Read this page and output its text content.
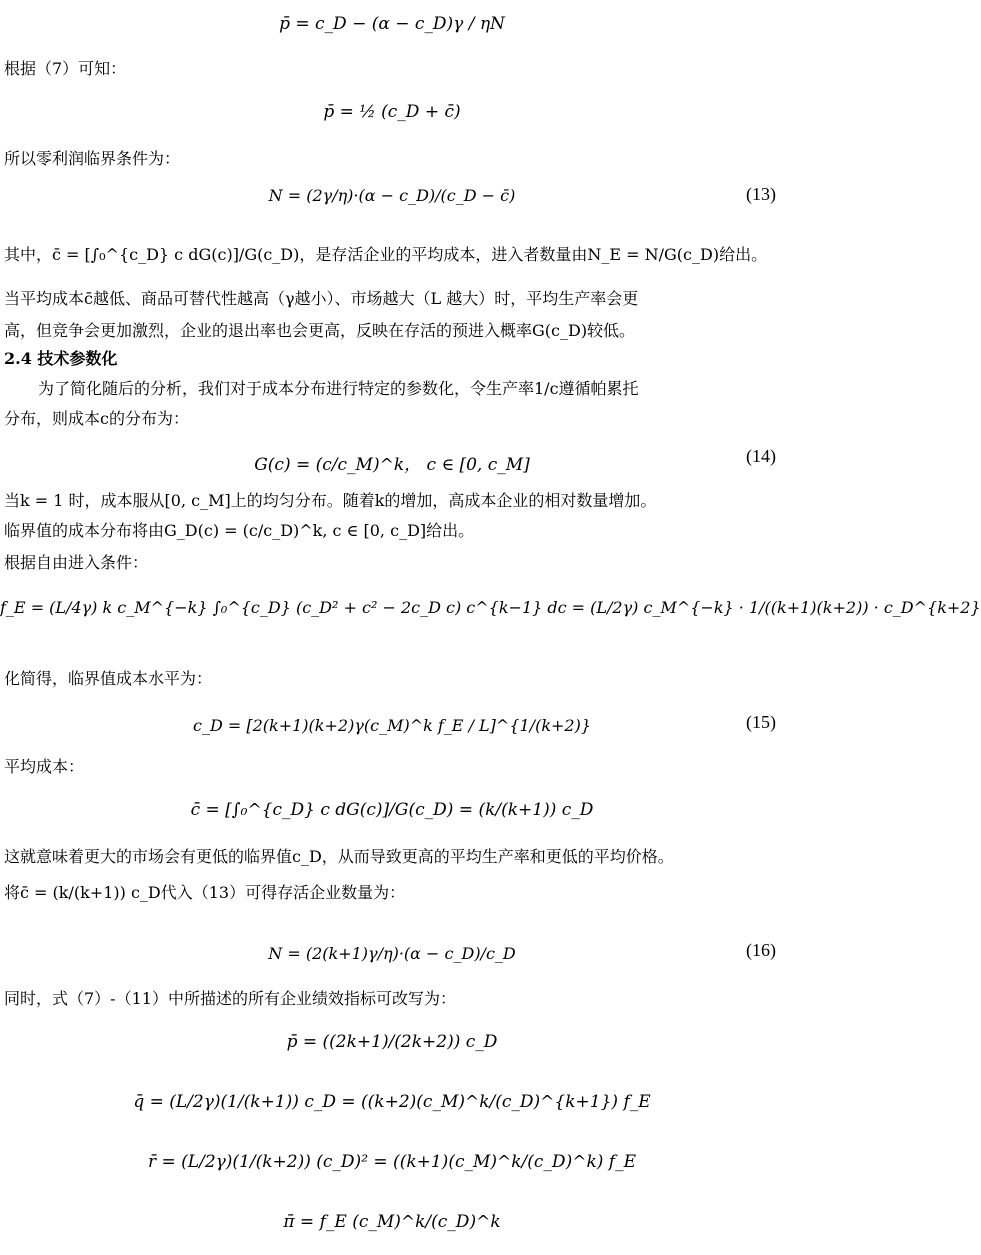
p̄ = c_D − (α − c_D)γ / ηN
根据（7）可知：
p̄ = ½ (c_D + c̄)
所以零利润临界条件为：
N = (2γ/η)·(α − c_D)/(c_D − c̄)	(13)
其中，c̄ = [∫₀^{c_D} c dG(c)]/G(c_D)，是存活企业的平均成本，进入者数量由N_E = N/G(c_D)给出。
当平均成本c̄越低、商品可替代性越高（γ越小）、市场越大（L 越大）时，平均生产率会更
高，但竞争会更加激烈，企业的退出率也会更高，反映在存活的预进入概率G(c_D)较低。
2.4 技术参数化
为了简化随后的分析，我们对于成本分布进行特定的参数化，令生产率1/c遵循帕累托
分布，则成本c的分布为：
G(c) = (c/c_M)^k， c ∈ [0, c_M]	(14)
当k = 1 时，成本服从[0, c_M]上的均匀分布。随着k的增加，高成本企业的相对数量增加。
临界值的成本分布将由G_D(c) = (c/c_D)^k, c ∈ [0, c_D]给出。
根据自由进入条件：
f_E = (L/4γ) k c_M^{−k} ∫₀^{c_D} (c_D² + c² − 2c_D c) c^{k−1} dc = (L/2γ) c_M^{−k} · 1/((k+1)(k+2)) · c_D^{k+2}
化简得，临界值成本水平为：
c_D = [2(k+1)(k+2)γ(c_M)^k f_E / L]^{1/(k+2)}	(15)
平均成本：
c̄ = [∫₀^{c_D} c dG(c)]/G(c_D) = (k/(k+1)) c_D
这就意味着更大的市场会有更低的临界值c_D，从而导致更高的平均生产率和更低的平均价格。
将c̄ = (k/(k+1)) c_D代入（13）可得存活企业数量为：
N = (2(k+1)γ/η)·(α − c_D)/c_D	(16)
同时，式（7）-（11）中所描述的所有企业绩效指标可改写为：
p̄ = ((2k+1)/(2k+2)) c_D
q̄ = (L/2γ)(1/(k+1)) c_D = ((k+2)(c_M)^k/(c_D)^{k+1}) f_E
r̄ = (L/2γ)(1/(k+2)) (c_D)² = ((k+1)(c_M)^k/(c_D)^k) f_E
π̄ = f_E (c_M)^k/(c_D)^k
